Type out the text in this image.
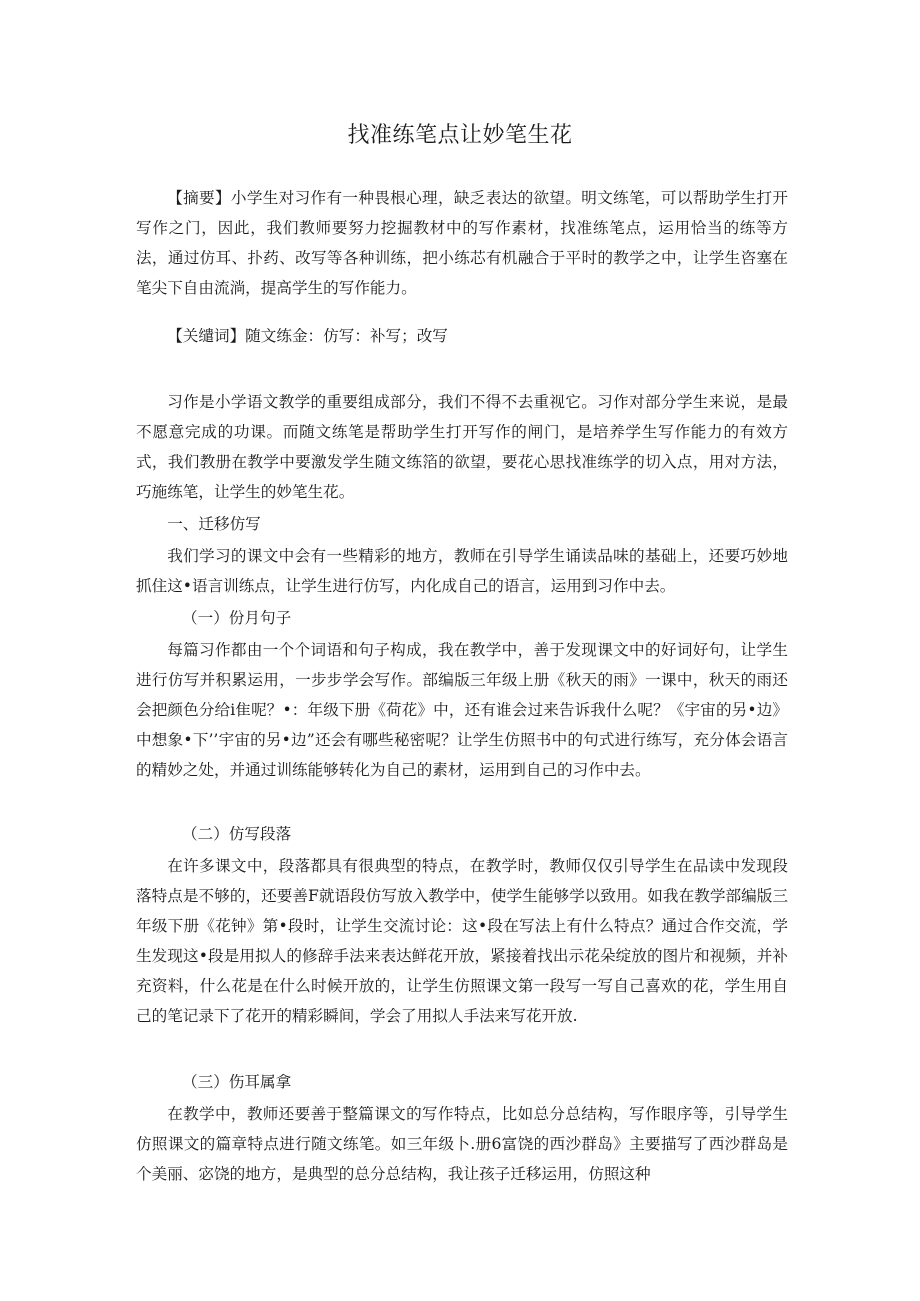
找准练笔点让妙笔生花

【摘要】小学生对习作有一种畏根心理，缺乏表达的欲望。明文练笔，可以帮助学生打开写作之门，因此，我们教师要努力挖掘教材中的写作素材，找准练笔点，运用恰当的练等方法，通过仿耳、扑药、改写等各种训练，把小练芯有机融合于平时的教学之中，让学生咨塞在笔尖下自由流淌，提高学生的写作能力。

【关缱词】随文练金：仿写：补写；改写

习作是小学语文教学的重要组成部分，我们不得不去重视它。习作对部分学生来说，是最不愿意完成的功课。而随文练笔是帮助学生打开写作的闸门，是培养学生写作能力的有效方式，我们教册在教学中要激发学生随文练箔的欲望，要花心思找准练学的切入点，用对方法，巧施练笔，让学生的妙笔生花。

一、迁移仿写

我们学习的课文中会有一些精彩的地方，教师在引导学生诵读品味的基础上，还要巧妙地抓住这•语言训练点，让学生进行仿写，内化成自己的语言，运用到习作中去。

（一）份月句子

每篇习作都由一个个词语和句子构成，我在教学中，善于发现课文中的好词好句，让学生进行仿写并积累运用，一步步学会写作。部编版三年级上册《秋天的雨》一课中，秋天的雨还会把颜色分给i隹呢？•：年级下册《荷花》中，还有谁会过来告诉我什么呢？《宇宙的另•边》中想象•下’’宇宙的另•边”还会有哪些秘密呢？让学生仿照书中的句式进行练写，充分体会语言的精妙之处，并通过训练能够转化为自己的素材，运用到自己的习作中去。

（二）仿写段落

在许多课文中，段落都具有很典型的特点，在教学时，教师仅仅引导学生在品读中发现段落特点是不够的，还要善F就语段仿写放入教学中，使学生能够学以致用。如我在教学部编版三年级下册《花钟》第•段时，让学生交流讨论：这•段在写法上有什么特点？通过合作交流，学生发现这•段是用拟人的修辞手法来表达鲜花开放，紧接着找出示花朵绽放的图片和视频，并补充资料，什么花是在什么时候开放的，让学生仿照课文第一段写一写自己喜欢的花，学生用自己的笔记录下了花开的精彩瞬间，学会了用拟人手法来写花开放.

（三）伤耳属拿

在教学中，教师还要善于整篇课文的写作特点，比如总分总结构，写作眼序等，引导学生仿照课文的篇章特点进行随文练笔。如三年级卜.册6富饶的西沙群岛》主要描写了西沙群岛是个美丽、宓饶的地方，是典型的总分总结构，我让孩子迁移运用，仿照这种
